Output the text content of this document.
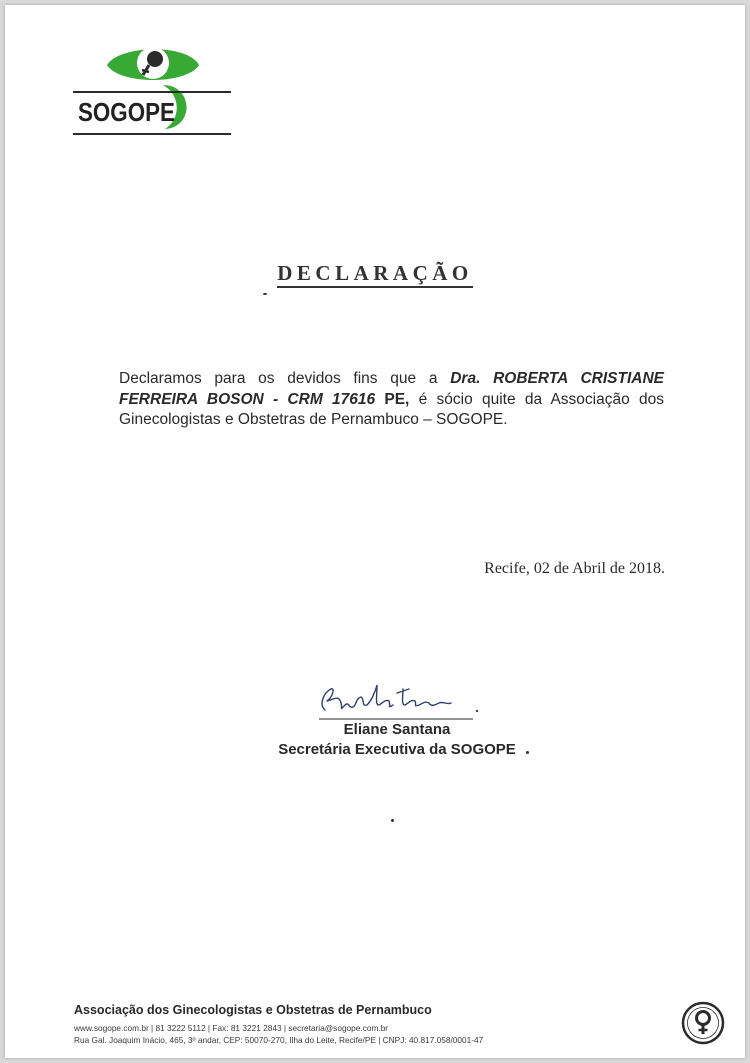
SOGOPE
DECLARAÇÃO
Declaramos para os devidos fins que a Dra. ROBERTA CRISTIANE FERREIRA BOSON - CRM 17616 PE, é sócio quite da Associação dos Ginecologistas e Obstetras de Pernambuco – SOGOPE.
Recife, 02 de Abril de 2018.
Eliane Santana
Secretária Executiva da SOGOPE
Associação dos Ginecologistas e Obstetras de Pernambuco
www.sogope.com.br | 81 3222 5112 | Fax: 81 3221 2843 | secretaria@sogope.com.br
Rua Gal. Joaquim Inácio, 465, 3º andar, CEP: 50070-270, Ilha do Leite, Recife/PE | CNPJ: 40.817.058/0001-47
